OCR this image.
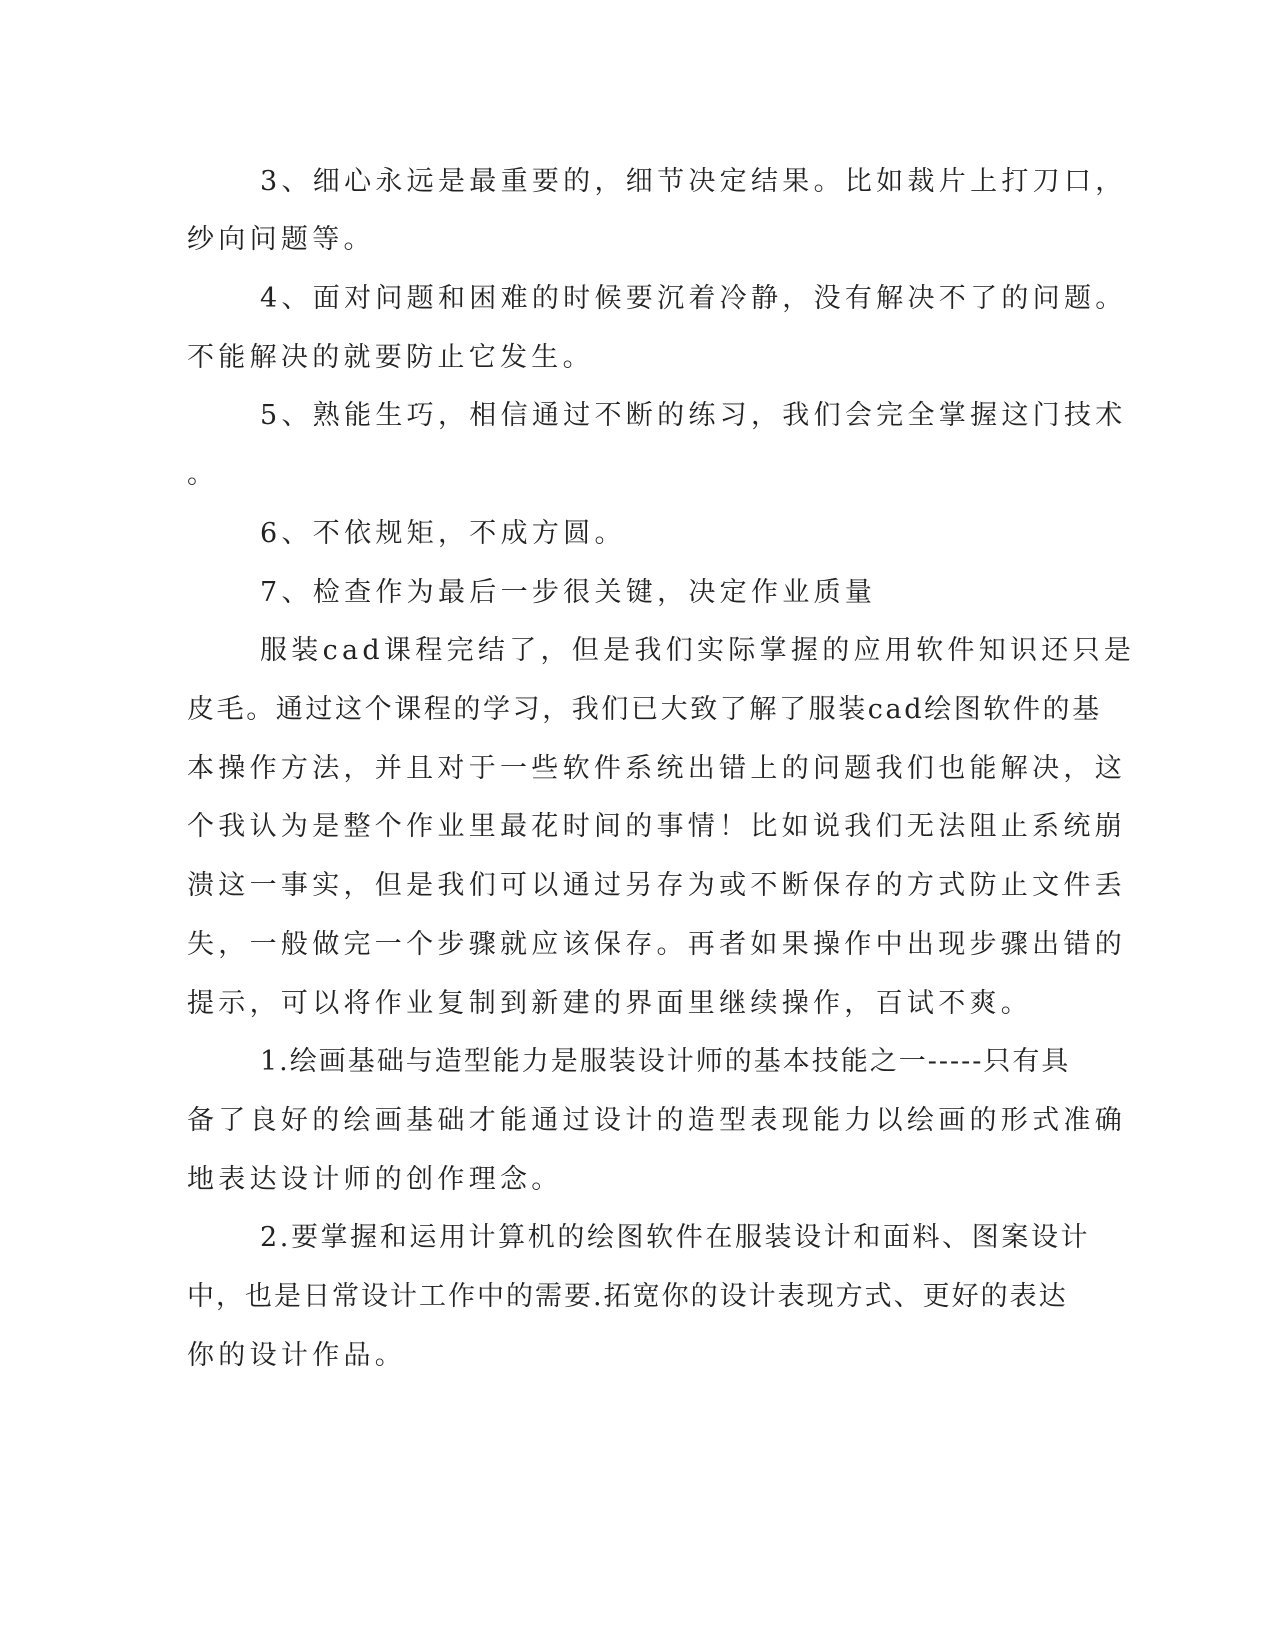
3、细心永远是最重要的，细节决定结果。比如裁片上打刀口，

纱向问题等。

4、面对问题和困难的时候要沉着冷静，没有解决不了的问题。

不能解决的就要防止它发生。

5、熟能生巧，相信通过不断的练习，我们会完全掌握这门技术

。

6、不依规矩，不成方圆。

7、检查作为最后一步很关键，决定作业质量

服装cad课程完结了，但是我们实际掌握的应用软件知识还只是

皮毛。通过这个课程的学习，我们已大致了解了服装cad绘图软件的基

本操作方法，并且对于一些软件系统出错上的问题我们也能解决，这

个我认为是整个作业里最花时间的事情！比如说我们无法阻止系统崩

溃这一事实，但是我们可以通过另存为或不断保存的方式防止文件丢

失，一般做完一个步骤就应该保存。再者如果操作中出现步骤出错的

提示，可以将作业复制到新建的界面里继续操作，百试不爽。

1.绘画基础与造型能力是服装设计师的基本技能之一-----只有具

备了良好的绘画基础才能通过设计的造型表现能力以绘画的形式准确

地表达设计师的创作理念。

2.要掌握和运用计算机的绘图软件在服装设计和面料、图案设计

中，也是日常设计工作中的需要.拓宽你的设计表现方式、更好的表达

你的设计作品。
